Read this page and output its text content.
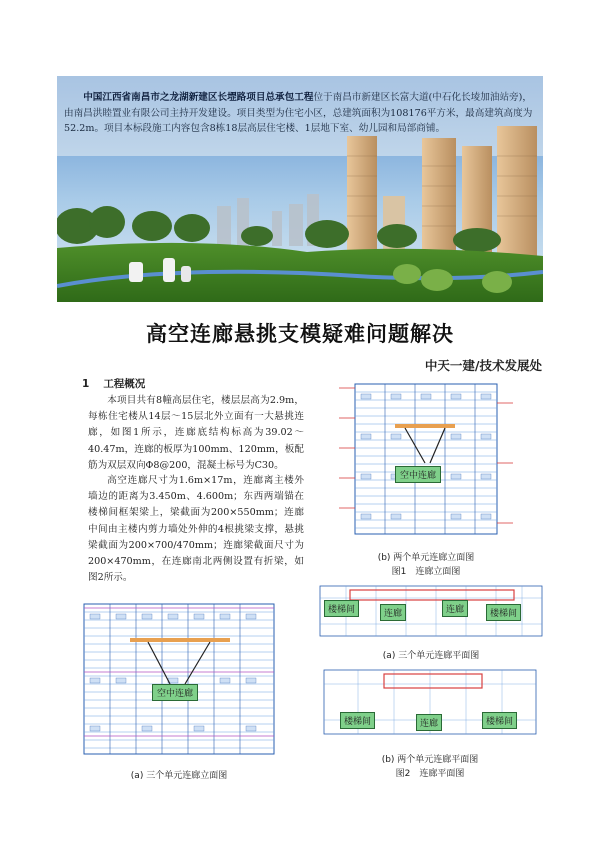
中国江西省南昌市之龙湖新建区长堽路项目总承包工程位于南昌市新建区长富大道(中石化长堎加油站旁)，由南昌洪睦置业有限公司主持开发建设。项目类型为住宅小区，总建筑面积为108176平方米，最高建筑高度为52.2m。项目本标段施工内容包含8栋18层高层住宅楼、1层地下室、幼儿园和局部商铺。
高空连廊悬挑支模疑难问题解决
中天一建/技术发展处
1 工程概况

本项目共有8幢高层住宅，楼层层高为2.9m，每栋住宅楼从14层～15层北外立面有一大悬挑连廊，如图1所示，连廊底结构标高为39.02～40.47m，连廊的板厚为100mm、120mm，板配筋为双层双向Φ8@200，混凝土标号为C30。

高空连廊尺寸为1.6m×17m，连廊离主楼外墙边的距离为3.450m、4.600m；东西两端锚在楼梯间框架梁上，梁截面为200×550mm；连廊中间由主楼内剪力墙处外伸的4根挑梁支撑，悬挑梁截面为200×700/470mm；连廊梁截面尺寸为200×470mm，在连廊南北两侧设置有折梁，如图2所示。

空中连廊
(b) 两个单元连廊立面图
图1　连廊立面图
空中连廊
(a) 三个单元连廊立面图
楼梯间	连廊	连廊	楼梯间
(a) 三个单元连廊平面图
楼梯间	连廊	楼梯间
(b) 两个单元连廊平面图
图2　连廊平面图
